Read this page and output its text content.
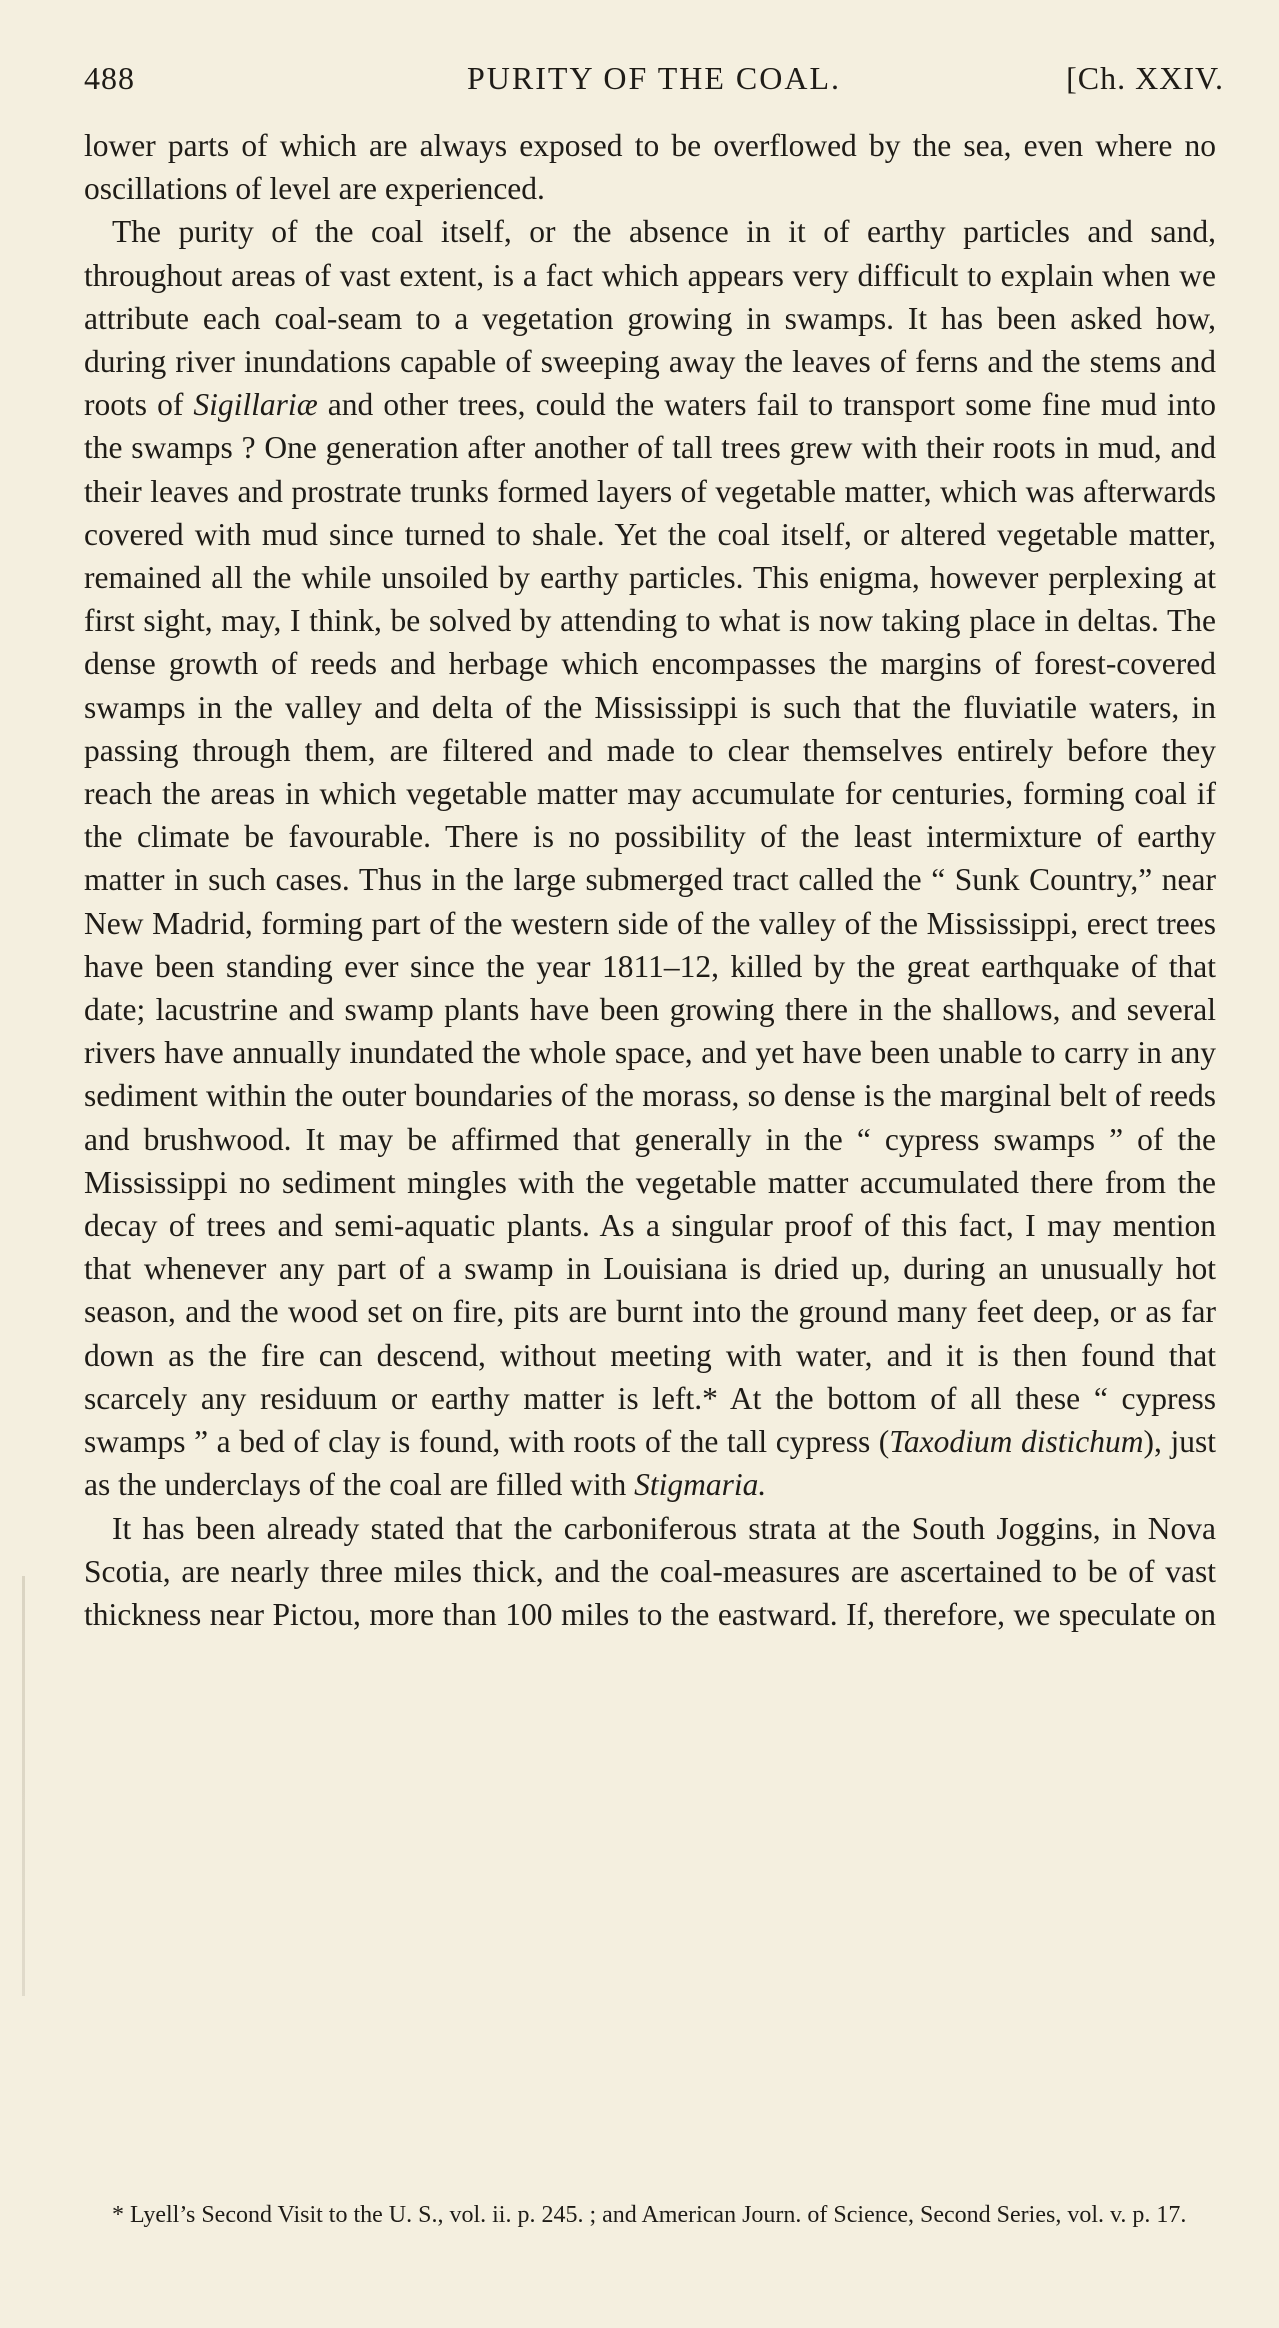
488	PURITY OF THE COAL.	[Ch. XXIV.

lower parts of which are always exposed to be overflowed by the sea, even where no oscillations of level are experienced.

The purity of the coal itself, or the absence in it of earthy particles and sand, throughout areas of vast extent, is a fact which appears very difficult to explain when we attribute each coal-seam to a vegetation growing in swamps. It has been asked how, during river inundations capable of sweeping away the leaves of ferns and the stems and roots of Sigillariæ and other trees, could the waters fail to transport some fine mud into the swamps ? One generation after another of tall trees grew with their roots in mud, and their leaves and prostrate trunks formed layers of vegetable matter, which was afterwards covered with mud since turned to shale. Yet the coal itself, or altered vegetable matter, remained all the while unsoiled by earthy particles. This enigma, however perplexing at first sight, may, I think, be solved by attending to what is now taking place in deltas. The dense growth of reeds and herbage which encompasses the margins of forest-covered swamps in the valley and delta of the Mississippi is such that the fluviatile waters, in passing through them, are filtered and made to clear themselves entirely before they reach the areas in which vegetable matter may accumulate for centuries, forming coal if the climate be favourable. There is no possibility of the least intermixture of earthy matter in such cases. Thus in the large submerged tract called the “ Sunk Country,” near New Madrid, forming part of the western side of the valley of the Mississippi, erect trees have been standing ever since the year 1811–12, killed by the great earthquake of that date; lacustrine and swamp plants have been growing there in the shallows, and several rivers have annually inundated the whole space, and yet have been unable to carry in any sediment within the outer boundaries of the morass, so dense is the marginal belt of reeds and brushwood. It may be affirmed that generally in the “ cypress swamps ” of the Mississippi no sediment mingles with the vegetable matter accumulated there from the decay of trees and semi-aquatic plants. As a singular proof of this fact, I may mention that whenever any part of a swamp in Louisiana is dried up, during an unusually hot season, and the wood set on fire, pits are burnt into the ground many feet deep, or as far down as the fire can descend, without meeting with water, and it is then found that scarcely any residuum or earthy matter is left.* At the bottom of all these “ cypress swamps ” a bed of clay is found, with roots of the tall cypress (Taxodium distichum), just as the underclays of the coal are filled with Stigmaria.

It has been already stated that the carboniferous strata at the South Joggins, in Nova Scotia, are nearly three miles thick, and the coal-measures are ascertained to be of vast thickness near Pictou, more than 100 miles to the eastward. If, therefore, we speculate on

* Lyell’s Second Visit to the U. S., vol. ii. p. 245. ; and American Journ. of Science, Second Series, vol. v. p. 17.
